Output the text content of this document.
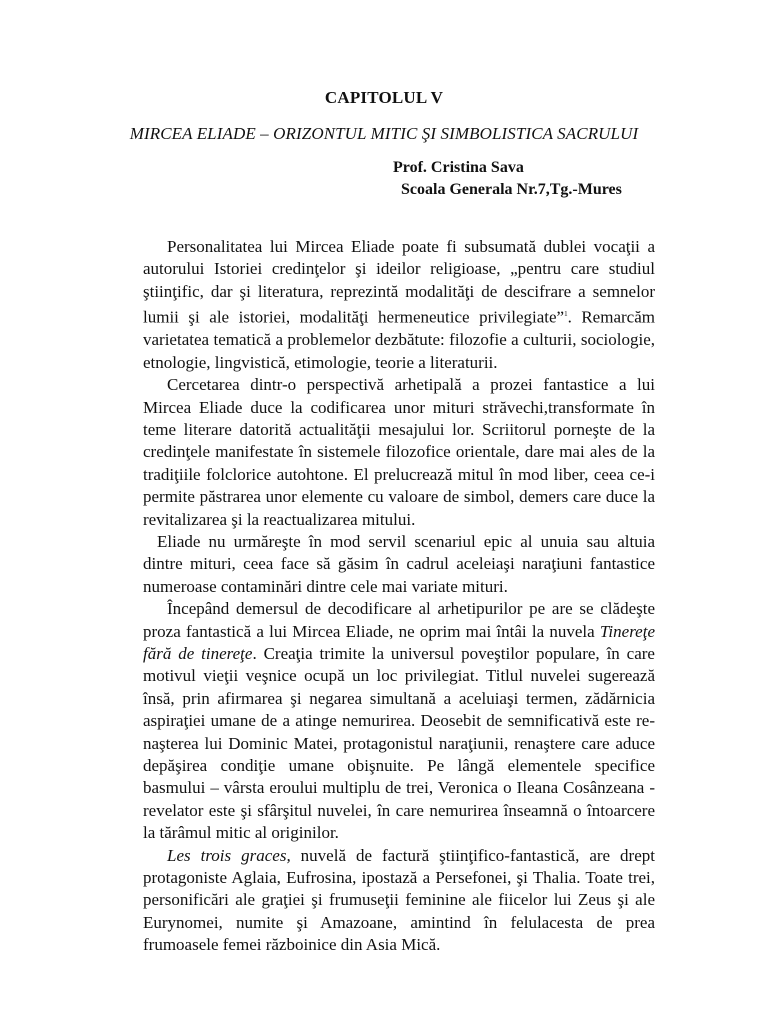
CAPITOLUL V
MIRCEA ELIADE – ORIZONTUL MITIC ŞI SIMBOLISTICA SACRULUI
Prof. Cristina Sava
Scoala Generala Nr.7,Tg.-Mures

Personalitatea lui Mircea Eliade poate fi subsumată dublei vocaţii a autorului Istoriei credinţelor şi ideilor religioase, „pentru care studiul ştiinţific, dar şi literatura, reprezintă modalităţi de descifrare a semnelor lumii şi ale istoriei, modalităţi hermeneutice privilegiate”$^1$. Remarcăm varietatea tematică a problemelor dezbătute: filozofie a culturii, sociologie, etnologie, lingvistică, etimologie, teorie a literaturii.

Cercetarea dintr-o perspectivă arhetipală a prozei fantastice a lui Mircea Eliade duce la codificarea unor mituri străvechi,transformate în teme literare datorită actualităţii mesajului lor. Scriitorul porneşte de la credinţele manifestate în sistemele filozofice orientale, dare mai ales de la tradiţiile folclorice autohtone. El prelucrează mitul în mod liber, ceea ce-i permite păstrarea unor elemente cu valoare de simbol, demers care duce la revitalizarea şi la reactualizarea mitului.

Eliade nu urmăreşte în mod servil scenariul epic al unuia sau altuia dintre mituri, ceea face să găsim în cadrul aceleiaşi naraţiuni fantastice numeroase contaminări dintre cele mai variate mituri.

Începând demersul de decodificare al arhetipurilor pe are se clădeşte proza fantastică a lui Mircea Eliade, ne oprim mai întâi la nuvela Tinereţe fără de tinereţe. Creaţia trimite la universul poveştilor populare, în care motivul vieţii veşnice ocupă un loc privilegiat. Titlul nuvelei sugerează însă, prin afirmarea şi negarea simultană a aceluiaşi termen, zădărnicia aspiraţiei umane de a atinge nemurirea. Deosebit de semnificativă este re-naşterea lui Dominic Matei, protagonistul naraţiunii, renaştere care aduce depăşirea condiţie umane obişnuite. Pe lângă elementele specifice basmului – vârsta eroului multiplu de trei, Veronica o Ileana Cosânzeana - revelator este şi sfârşitul nuvelei, în care nemurirea înseamnă o întoarcere la tărâmul mitic al originilor.

Les trois graces, nuvelă de factură ştiinţifico-fantastică, are drept protagoniste Aglaia, Eufrosina, ipostază a Persefonei, şi Thalia. Toate trei, personificări ale graţiei şi frumuseţii feminine ale fiicelor lui Zeus şi ale Eurynomei, numite şi Amazoane, amintind în felulacesta de prea frumoasele femei războinice din Asia Mică.
